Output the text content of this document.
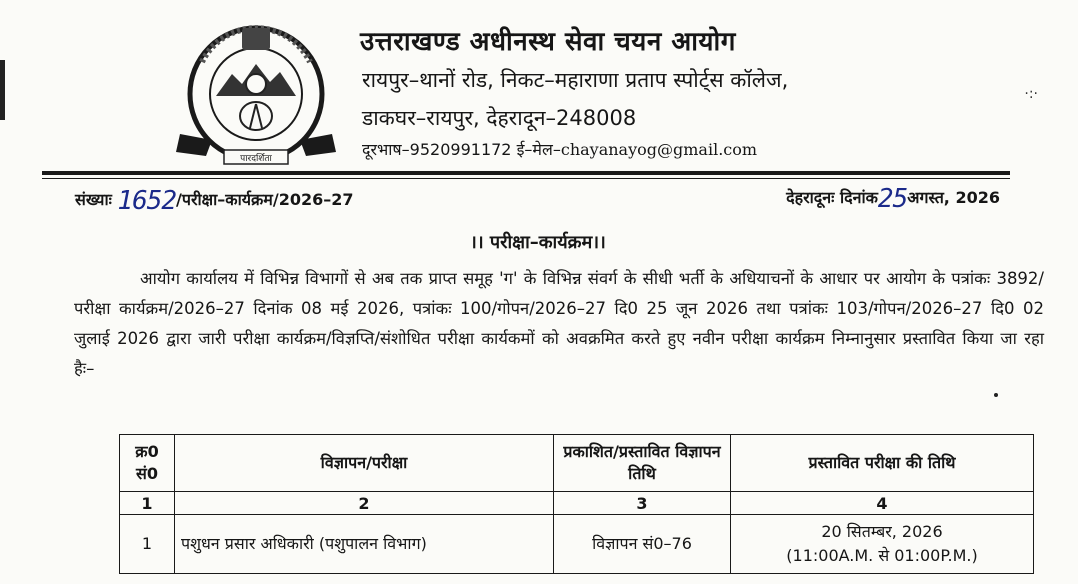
पारदर्शिता
उत्तराखण्ड अधीनस्थ सेवा चयन आयोग
रायपुर–थानों रोड, निकट–महाराणा प्रताप स्पोर्ट्स कॉलेज,
डाकघर–रायपुर, देहरादून–248008
दूरभाष–9520991172 ई–मेल–chayanayog@gmail.com
·:·
संख्याः 1652/परीक्षा–कार्यक्रम/2026–27	देहरादूनः दिनांक25अगस्त, 2026
।। परीक्षा–कार्यक्रम।।
आयोग कार्यालय में विभिन्न विभागों से अब तक प्राप्त समूह 'ग' के विभिन्न संवर्ग के सीधी भर्ती के अधियाचनों के आधार पर आयोग के पत्रांकः 3892/परीक्षा कार्यक्रम/2026–27 दिनांक 08 मई 2026, पत्रांकः 100/गोपन/2026–27 दि0 25 जून 2026 तथा पत्रांकः 103/गोपन/2026–27 दि0 02 जुलाई 2026 द्वारा जारी परीक्षा कार्यक्रम/विज्ञप्ति/संशोधित परीक्षा कार्यकमों को अवक्रमित करते हुए नवीन परीक्षा कार्यक्रम निम्नानुसार प्रस्तावित किया जा रहा हैः–
क्र0 सं0	विज्ञापन/परीक्षा	प्रकाशित/प्रस्तावित विज्ञापन तिथि	प्रस्तावित परीक्षा की तिथि
1	2	3	4
1	पशुधन प्रसार अधिकारी (पशुपालन विभाग)	विज्ञापन सं0–76	20 सितम्बर, 2026
(11:00A.M. से 01:00P.M.)
